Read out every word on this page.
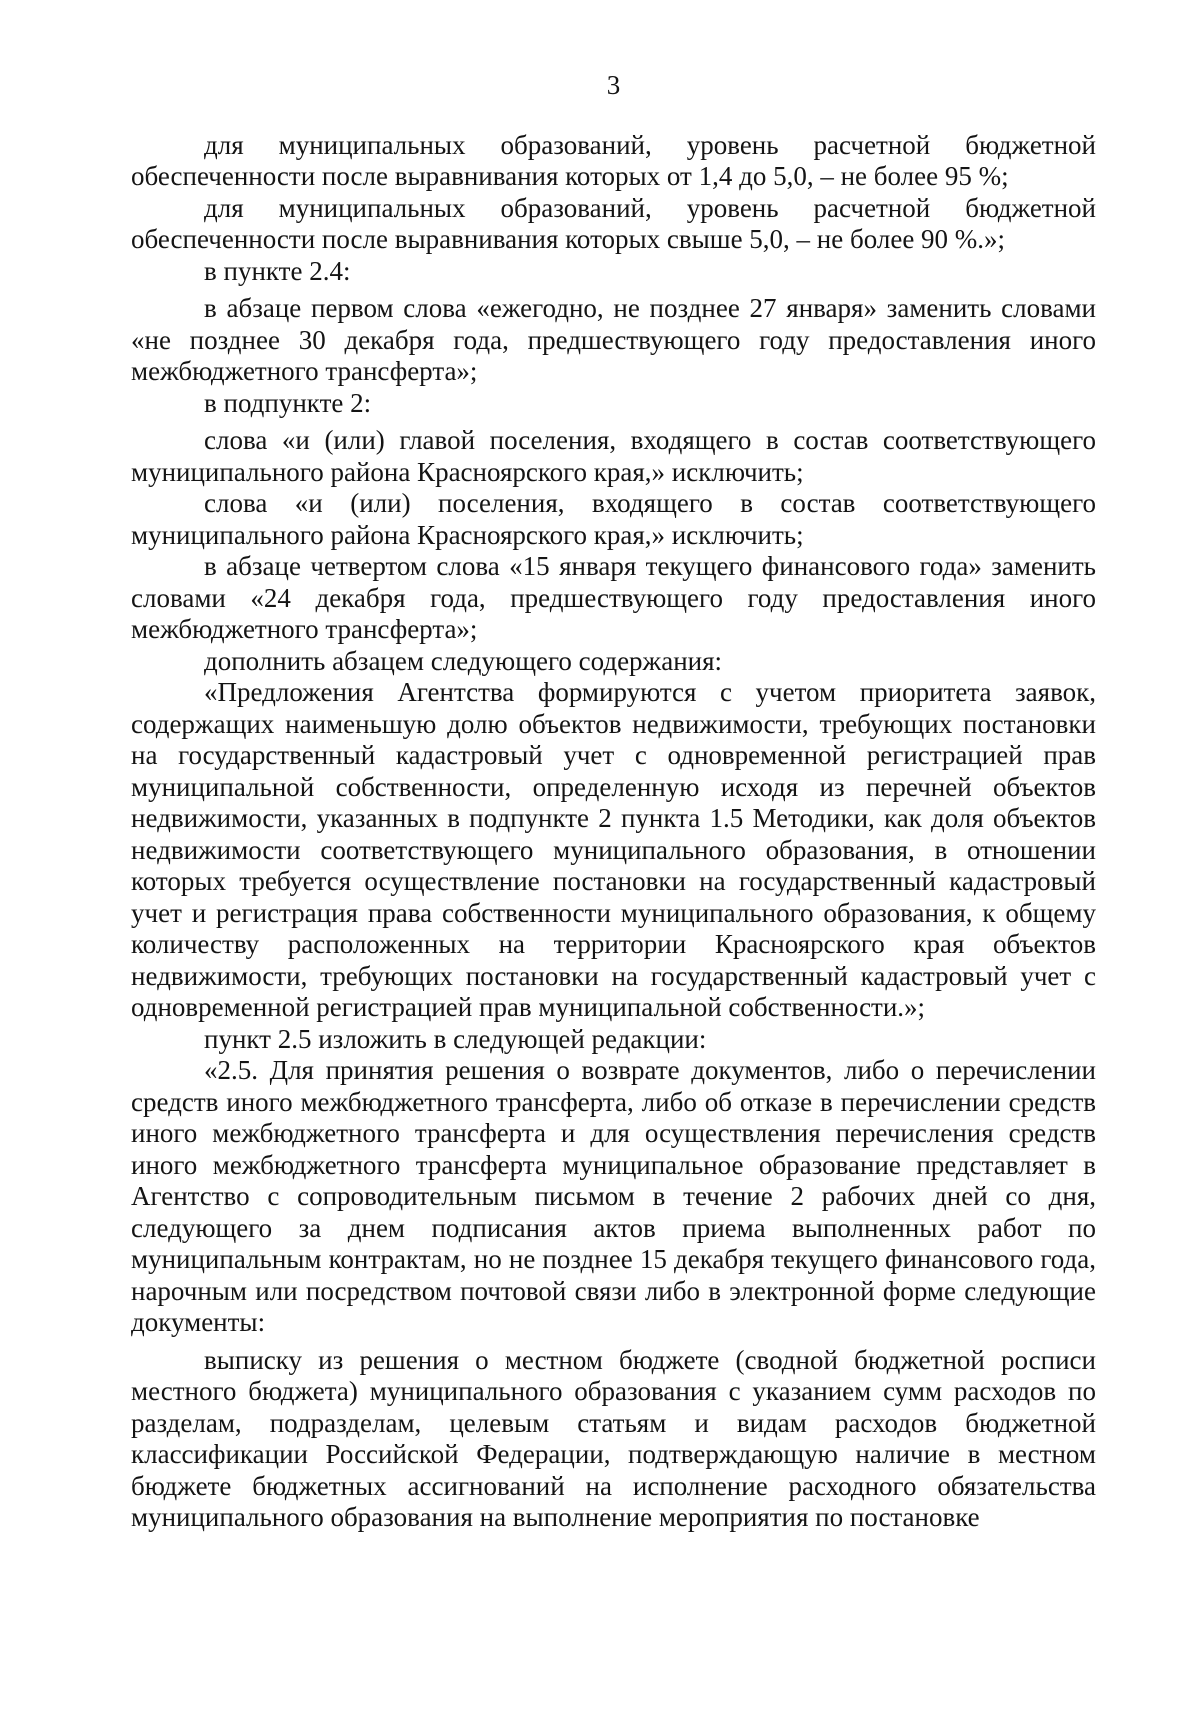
3

для муниципальных образований, уровень расчетной бюджетной обеспеченности после выравнивания которых от 1,4 до 5,0, – не более 95 %;

для муниципальных образований, уровень расчетной бюджетной обеспеченности после выравнивания которых свыше 5,0, – не более 90 %.»;

в пункте 2.4:

в абзаце первом слова «ежегодно, не позднее 27 января» заменить словами «не позднее 30 декабря года, предшествующего году предоставления иного межбюджетного трансферта»;

в подпункте 2:

слова «и (или) главой поселения, входящего в состав соответствующего муниципального района Красноярского края,» исключить;

слова «и (или) поселения, входящего в состав соответствующего муниципального района Красноярского края,» исключить;

в абзаце четвертом слова «15 января текущего финансового года» заменить словами «24 декабря года, предшествующего году предоставления иного межбюджетного трансферта»;

дополнить абзацем следующего содержания:

«Предложения Агентства формируются с учетом приоритета заявок, содержащих наименьшую долю объектов недвижимости, требующих постановки на государственный кадастровый учет с одновременной регистрацией прав муниципальной собственности, определенную исходя из перечней объектов недвижимости, указанных в подпункте 2 пункта 1.5 Методики, как доля объектов недвижимости соответствующего муниципального образования, в отношении которых требуется осуществление постановки на государственный кадастровый учет и регистрация права собственности муниципального образования, к общему количеству расположенных на территории Красноярского края объектов недвижимости, требующих постановки на государственный кадастровый учет с одновременной регистрацией прав муниципальной собственности.»;

пункт 2.5 изложить в следующей редакции:

«2.5. Для принятия решения о возврате документов, либо о перечислении средств иного межбюджетного трансферта, либо об отказе в перечислении средств иного межбюджетного трансферта и для осуществления перечисления средств иного межбюджетного трансферта муниципальное образование представляет в Агентство с сопроводительным письмом в течение 2 рабочих дней со дня, следующего за днем подписания актов приема выполненных работ по муниципальным контрактам, но не позднее 15 декабря текущего финансового года, нарочным или посредством почтовой связи либо в электронной форме следующие документы:

выписку из решения о местном бюджете (сводной бюджетной росписи местного бюджета) муниципального образования с указанием сумм расходов по разделам, подразделам, целевым статьям и видам расходов бюджетной классификации Российской Федерации, подтверждающую наличие в местном бюджете бюджетных ассигнований на исполнение расходного обязательства муниципального образования на выполнение мероприятия по постановке
